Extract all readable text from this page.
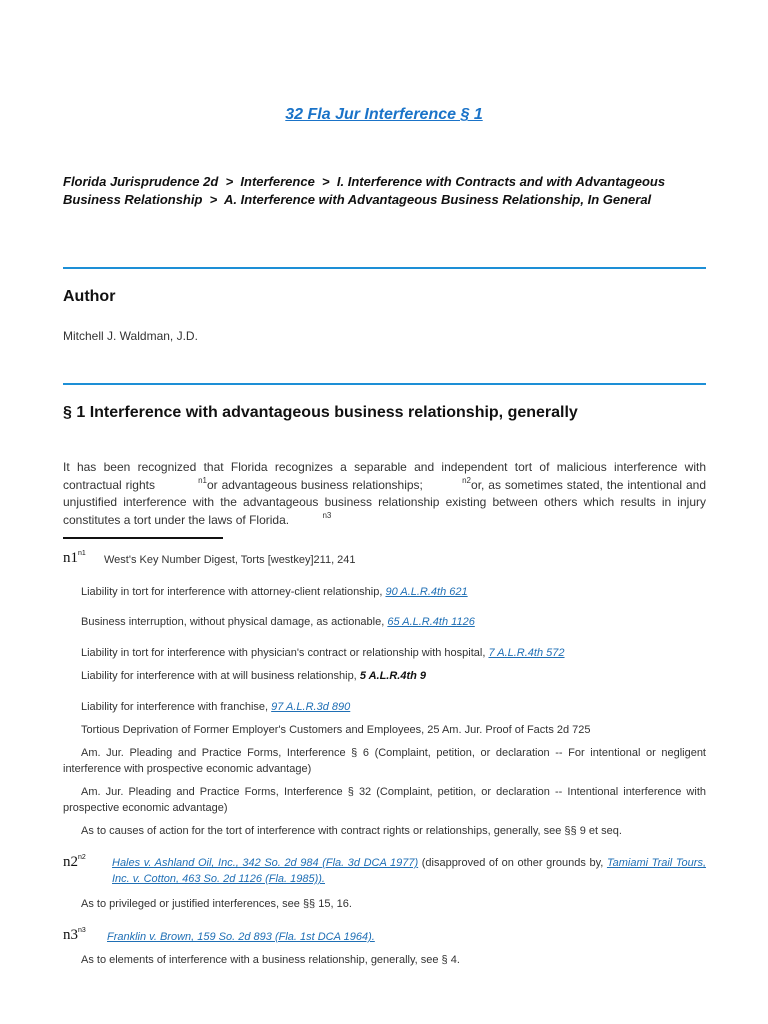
32 Fla Jur Interference § 1
Florida Jurisprudence 2d > Interference > I. Interference with Contracts and with Advantageous Business Relationship > A. Interference with Advantageous Business Relationship, In General
Author
Mitchell J. Waldman, J.D.
§ 1 Interference with advantageous business relationship, generally
It has been recognized that Florida recognizes a separable and independent tort of malicious interference with contractual rights	$^{n1}$or advantageous business relationships;	$^{n2}$or, as sometimes stated, the intentional and unjustified interference with the advantageous business relationship existing between others which results in injury constitutes a tort under the laws of Florida.	$^{n3}$
$n1^{n1}$
West's Key Number Digest, Torts [westkey]211, 241
Liability in tort for interference with attorney-client relationship, 90 A.L.R.4th 621
Business interruption, without physical damage, as actionable, 65 A.L.R.4th 1126
Liability in tort for interference with physician's contract or relationship with hospital, 7 A.L.R.4th 572
Liability for interference with at will business relationship, 5 A.L.R.4th 9
Liability for interference with franchise, 97 A.L.R.3d 890
Tortious Deprivation of Former Employer's Customers and Employees, 25 Am. Jur. Proof of Facts 2d 725
Am. Jur. Pleading and Practice Forms, Interference § 6 (Complaint, petition, or declaration -- For intentional or negligent interference with prospective economic advantage)
Am. Jur. Pleading and Practice Forms, Interference § 32 (Complaint, petition, or declaration -- Intentional interference with prospective economic advantage)
As to causes of action for the tort of interference with contract rights or relationships, generally, see §§ 9 et seq.
$n2^{n2}$ Hales v. Ashland Oil, Inc., 342 So. 2d 984 (Fla. 3d DCA 1977) (disapproved of on other grounds by, Tamiami Trail Tours, Inc. v. Cotton, 463 So. 2d 1126 (Fla. 1985)).
As to privileged or justified interferences, see §§ 15, 16.
$n3^{n3}$
Franklin v. Brown, 159 So. 2d 893 (Fla. 1st DCA 1964).
As to elements of interference with a business relationship, generally, see § 4.
